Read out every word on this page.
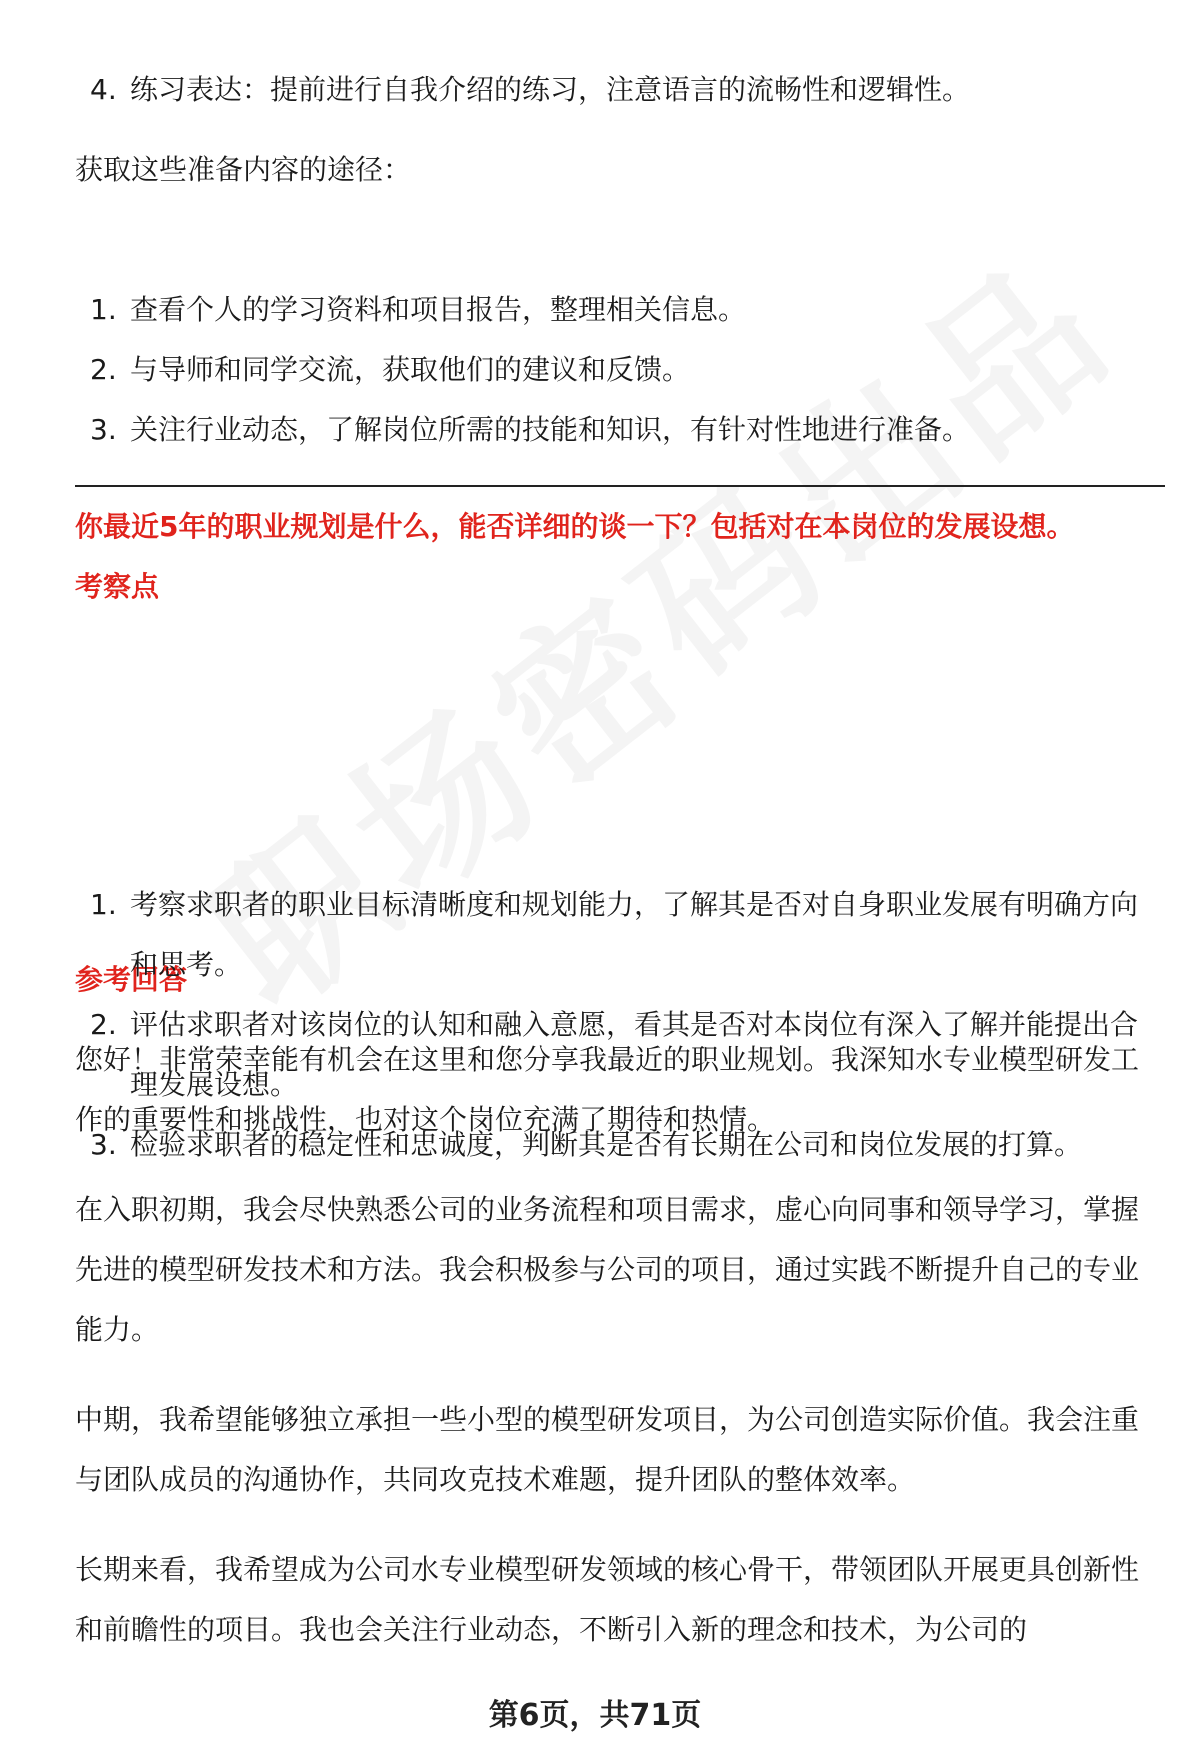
4. 练习表达：提前进行自我介绍的练习，注意语言的流畅性和逻辑性。
获取这些准备内容的途径：
1. 查看个人的学习资料和项目报告，整理相关信息。
2. 与导师和同学交流，获取他们的建议和反馈。
3. 关注行业动态，了解岗位所需的技能和知识，有针对性地进行准备。
你最近5年的职业规划是什么，能否详细的谈一下？包括对在本岗位的发展设想。
考察点
1. 考察求职者的职业目标清晰度和规划能力，了解其是否对自身职业发展有明确方向和思考。
2. 评估求职者对该岗位的认知和融入意愿，看其是否对本岗位有深入了解并能提出合理发展设想。
3. 检验求职者的稳定性和忠诚度，判断其是否有长期在公司和岗位发展的打算。
参考回答
您好！非常荣幸能有机会在这里和您分享我最近的职业规划。我深知水专业模型研发工作的重要性和挑战性，也对这个岗位充满了期待和热情。
在入职初期，我会尽快熟悉公司的业务流程和项目需求，虚心向同事和领导学习，掌握先进的模型研发技术和方法。我会积极参与公司的项目，通过实践不断提升自己的专业能力。
中期，我希望能够独立承担一些小型的模型研发项目，为公司创造实际价值。我会注重与团队成员的沟通协作，共同攻克技术难题，提升团队的整体效率。
长期来看，我希望成为公司水专业模型研发领域的核心骨干，带领团队开展更具创新性和前瞻性的项目。我也会关注行业动态，不断引入新的理念和技术，为公司的
第6页，共71页
